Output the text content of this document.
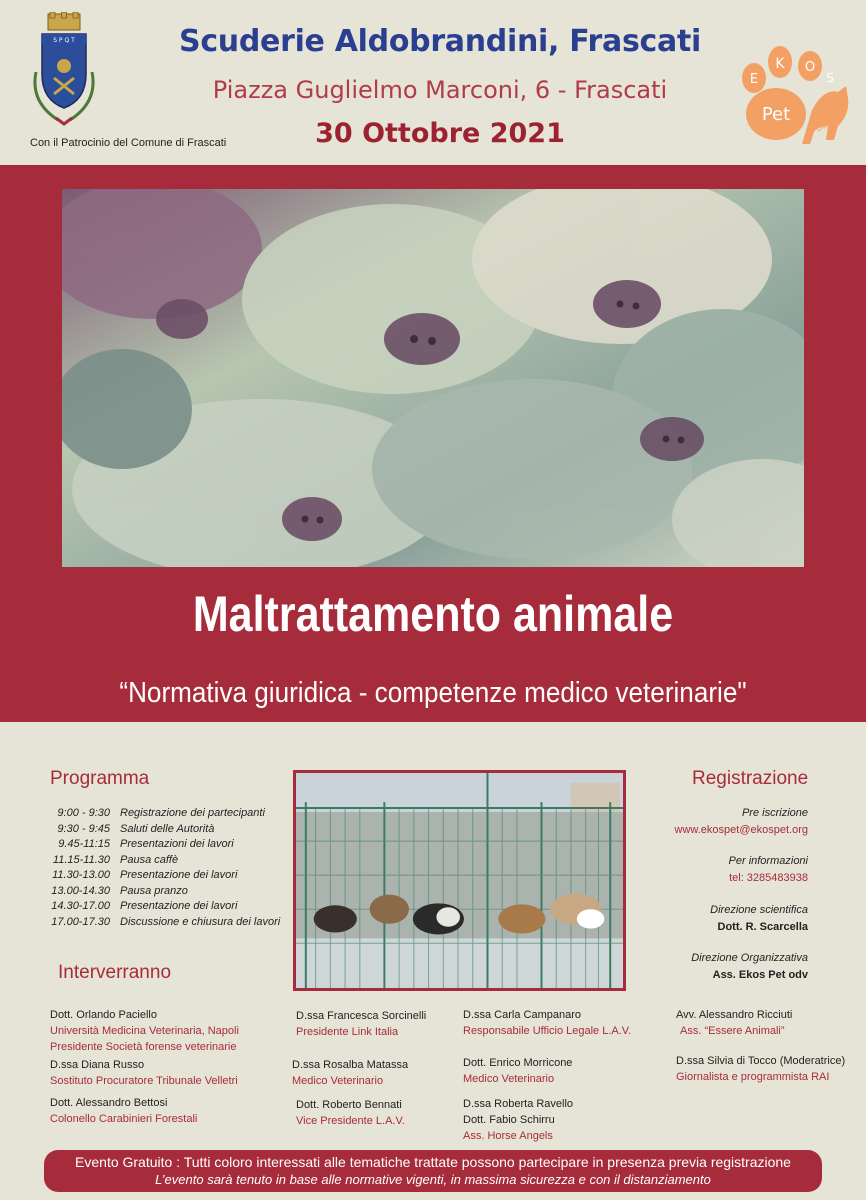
S P Q T
Con il Patrocinio del Comune di Frascati
Scuderie Aldobrandini, Frascati
Piazza Guglielmo Marconi, 6 - Frascati
30 Ottobre 2021
E
K O
S
Pet
odv
Maltrattamento animale
“Normativa giuridica - competenze medico veterinarie"
Programma
9:00 - 9:30 Registrazione dei partecipanti
9:30 - 9:45 Saluti delle Autorità
9.45-11:15 Presentazioni dei lavori
11.15-11.30 Pausa caffè
11.30-13.00 Presentazione dei lavori
13.00-14.30 Pausa pranzo
14.30-17.00 Presentazione dei lavori
17.00-17.30 Discussione e chiusura dei lavori
Registrazione
Pre iscrizione
www.ekospet@ekospet.org
Per informazioni
tel: 3285483938
Direzione scientifica
Dott. R. Scarcella
Direzione Organizzativa
Ass. Ekos Pet odv
Interverranno
Dott. Orlando Paciello
Università Medicina Veterinaria, Napoli
Presidente Società forense veterinarie
D.ssa Diana Russo
Sostituto Procuratore Tribunale Velletri
Dott. Alessandro Bettosi
Colonello Carabinieri Forestali
D.ssa Francesca Sorcinelli
Presidente Link Italia
D.ssa Rosalba Matassa
Medico Veterinario
Dott. Roberto Bennati
Vice Presidente L.A.V.
D.ssa Carla Campanaro
Responsabile Ufficio Legale L.A.V.
Dott. Enrico Morricone
Medico Veterinario
D.ssa Roberta Ravello
Dott. Fabio Schirru
Ass. Horse Angels
Avv. Alessandro Ricciuti
Ass. “Essere Animali”
D.ssa Silvia di Tocco (Moderatrice)
Giornalista e programmista RAI
Evento Gratuito : Tutti coloro interessati alle tematiche trattate possono partecipare in presenza previa registrazione
L’evento sarà tenuto in base alle normative vigenti, in massima sicurezza e con il distanziamento
